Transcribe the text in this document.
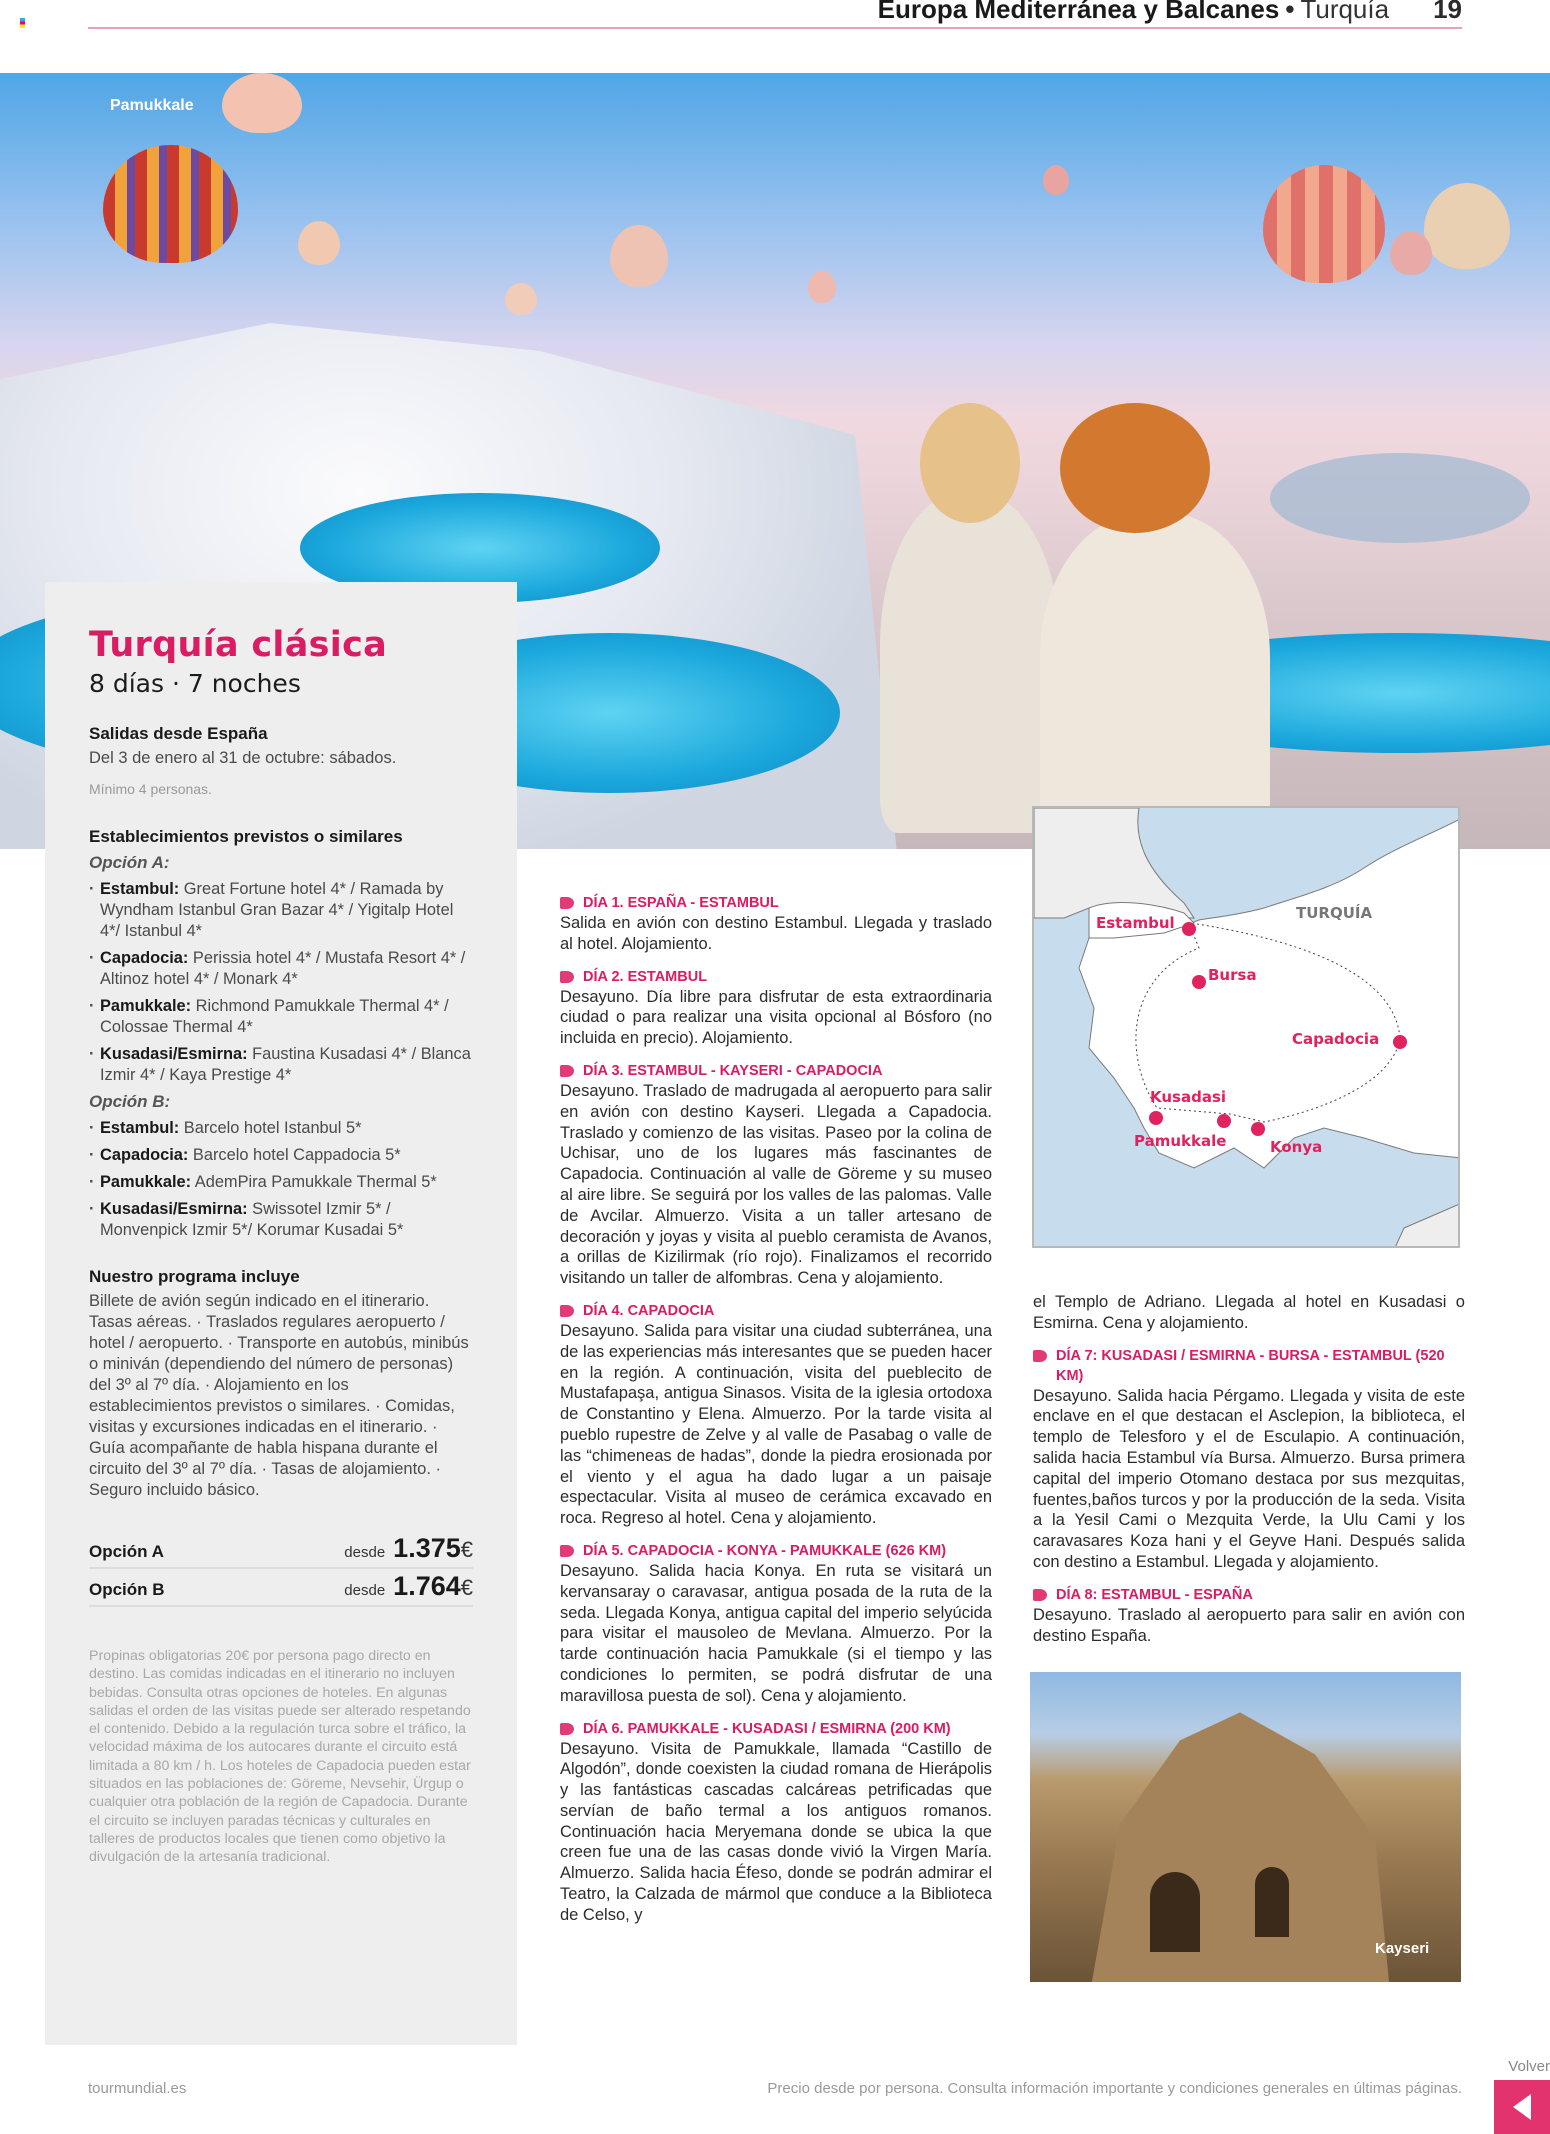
Europa Mediterránea y Balcanes • Turquía 19
Pamukkale
Turquía clásica
8 días · 7 noches
Salidas desde España
Del 3 de enero al 31 de octubre: sábados.
Mínimo 4 personas.
Establecimientos previstos o similares
Opción A:
· Estambul: Great Fortune hotel 4* / Ramada by Wyndham Istanbul Gran Bazar 4* / Yigitalp Hotel 4*/ Istanbul 4*
· Capadocia: Perissia hotel 4* / Mustafa Resort 4* / Altinoz hotel 4* / Monark 4*
· Pamukkale: Richmond Pamukkale Thermal 4* / Colossae Thermal 4*
· Kusadasi/Esmirna: Faustina Kusadasi 4* / Blanca Izmir 4* / Kaya Prestige 4*
Opción B:
· Estambul: Barcelo hotel Istanbul 5*
· Capadocia: Barcelo hotel Cappadocia 5*
· Pamukkale: AdemPira Pamukkale Thermal 5*
· Kusadasi/Esmirna: Swissotel Izmir 5* / Monvenpick Izmir 5*/ Korumar Kusadai 5*
Nuestro programa incluye
Billete de avión según indicado en el itinerario. Tasas aéreas. · Traslados regulares aeropuerto / hotel / aeropuerto. · Transporte en autobús, minibús o miniván (dependiendo del número de personas) del 3º al 7º día. · Alojamiento en los establecimientos previstos o similares. · Comidas, visitas y excursiones indicadas en el itinerario. · Guía acompañante de habla hispana durante el circuito del 3º al 7º día. · Tasas de alojamiento. · Seguro incluido básico.
Opción A	desde 1.375€
Opción B	desde 1.764€
Propinas obligatorias 20€ por persona pago directo en destino. Las comidas indicadas en el itinerario no incluyen bebidas. Consulta otras opciones de hoteles. En algunas salidas el orden de las visitas puede ser alterado respetando el contenido. Debido a la regulación turca sobre el tráfico, la velocidad máxima de los autocares durante el circuito está limitada a 80 km / h. Los hoteles de Capadocia pueden estar situados en las poblaciones de: Göreme, Nevsehir, Ürgup o cualquier otra población de la región de Capadocia. Durante el circuito se incluyen paradas técnicas y culturales en talleres de productos locales que tienen como objetivo la divulgación de la artesanía tradicional.
DÍA 1. ESPAÑA - ESTAMBUL
Salida en avión con destino Estambul. Llegada y traslado al hotel. Alojamiento.
DÍA 2. ESTAMBUL
Desayuno. Día libre para disfrutar de esta extraordinaria ciudad o para realizar una visita opcional al Bósforo (no incluida en precio). Alojamiento.
DÍA 3. ESTAMBUL - KAYSERI - CAPADOCIA
Desayuno. Traslado de madrugada al aeropuerto para salir en avión con destino Kayseri. Llegada a Capadocia. Traslado y comienzo de las visitas. Paseo por la colina de Uchisar, uno de los lugares más fascinantes de Capadocia. Continuación al valle de Göreme y su museo al aire libre. Se seguirá por los valles de las palomas. Valle de Avcilar. Almuerzo. Visita a un taller artesano de decoración y joyas y visita al pueblo ceramista de Avanos, a orillas de Kizilirmak (río rojo). Finalizamos el recorrido visitando un taller de alfombras. Cena y alojamiento.
DÍA 4. CAPADOCIA
Desayuno. Salida para visitar una ciudad subterránea, una de las experiencias más interesantes que se pueden hacer en la región. A continuación, visita del pueblecito de Mustafapaşa, antigua Sinasos. Visita de la iglesia ortodoxa de Constantino y Elena. Almuerzo. Por la tarde visita al pueblo rupestre de Zelve y al valle de Pasabag o valle de las “chimeneas de hadas”, donde la piedra erosionada por el viento y el agua ha dado lugar a un paisaje espectacular. Visita al museo de cerámica excavado en roca. Regreso al hotel. Cena y alojamiento.
DÍA 5. CAPADOCIA - KONYA - PAMUKKALE (626 KM)
Desayuno. Salida hacia Konya. En ruta se visitará un kervansaray o caravasar, antigua posada de la ruta de la seda. Llegada Konya, antigua capital del imperio selyúcida para visitar el mausoleo de Mevlana. Almuerzo. Por la tarde continuación hacia Pamukkale (si el tiempo y las condiciones lo permiten, se podrá disfrutar de una maravillosa puesta de sol). Cena y alojamiento.
DÍA 6. PAMUKKALE - KUSADASI / ESMIRNA (200 KM)
Desayuno. Visita de Pamukkale, llamada “Castillo de Algodón”, donde coexisten la ciudad romana de Hierápolis y las fantásticas cascadas calcáreas petrificadas que servían de baño termal a los antiguos romanos. Continuación hacia Meryemana donde se ubica la que creen fue una de las casas donde vivió la Virgen María. Almuerzo. Salida hacia Éfeso, donde se podrán admirar el Teatro, la Calzada de mármol que conduce a la Biblioteca de Celso, y
TURQUÍA
Estambul
Bursa
Capadocia
Kusadasi
Pamukkale	Konya
el Templo de Adriano. Llegada al hotel en Kusadasi o Esmirna. Cena y alojamiento.
DÍA 7: KUSADASI / ESMIRNA - BURSA - ESTAMBUL (520 KM)
Desayuno. Salida hacia Pérgamo. Llegada y visita de este enclave en el que destacan el Asclepion, la biblioteca, el templo de Telesforo y el de Esculapio. A continuación, salida hacia Estambul vía Bursa. Almuerzo. Bursa primera capital del imperio Otomano destaca por sus mezquitas, fuentes,baños turcos y por la producción de la seda. Visita a la Yesil Cami o Mezquita Verde, la Ulu Cami y los caravasares Koza hani y el Geyve Hani. Después salida con destino a Estambul. Llegada y alojamiento.
DÍA 8: ESTAMBUL - ESPAÑA
Desayuno. Traslado al aeropuerto para salir en avión con destino España.
Kayseri
tourmundial.es	Precio desde por persona. Consulta información importante y condiciones generales en últimas páginas.
Volver
